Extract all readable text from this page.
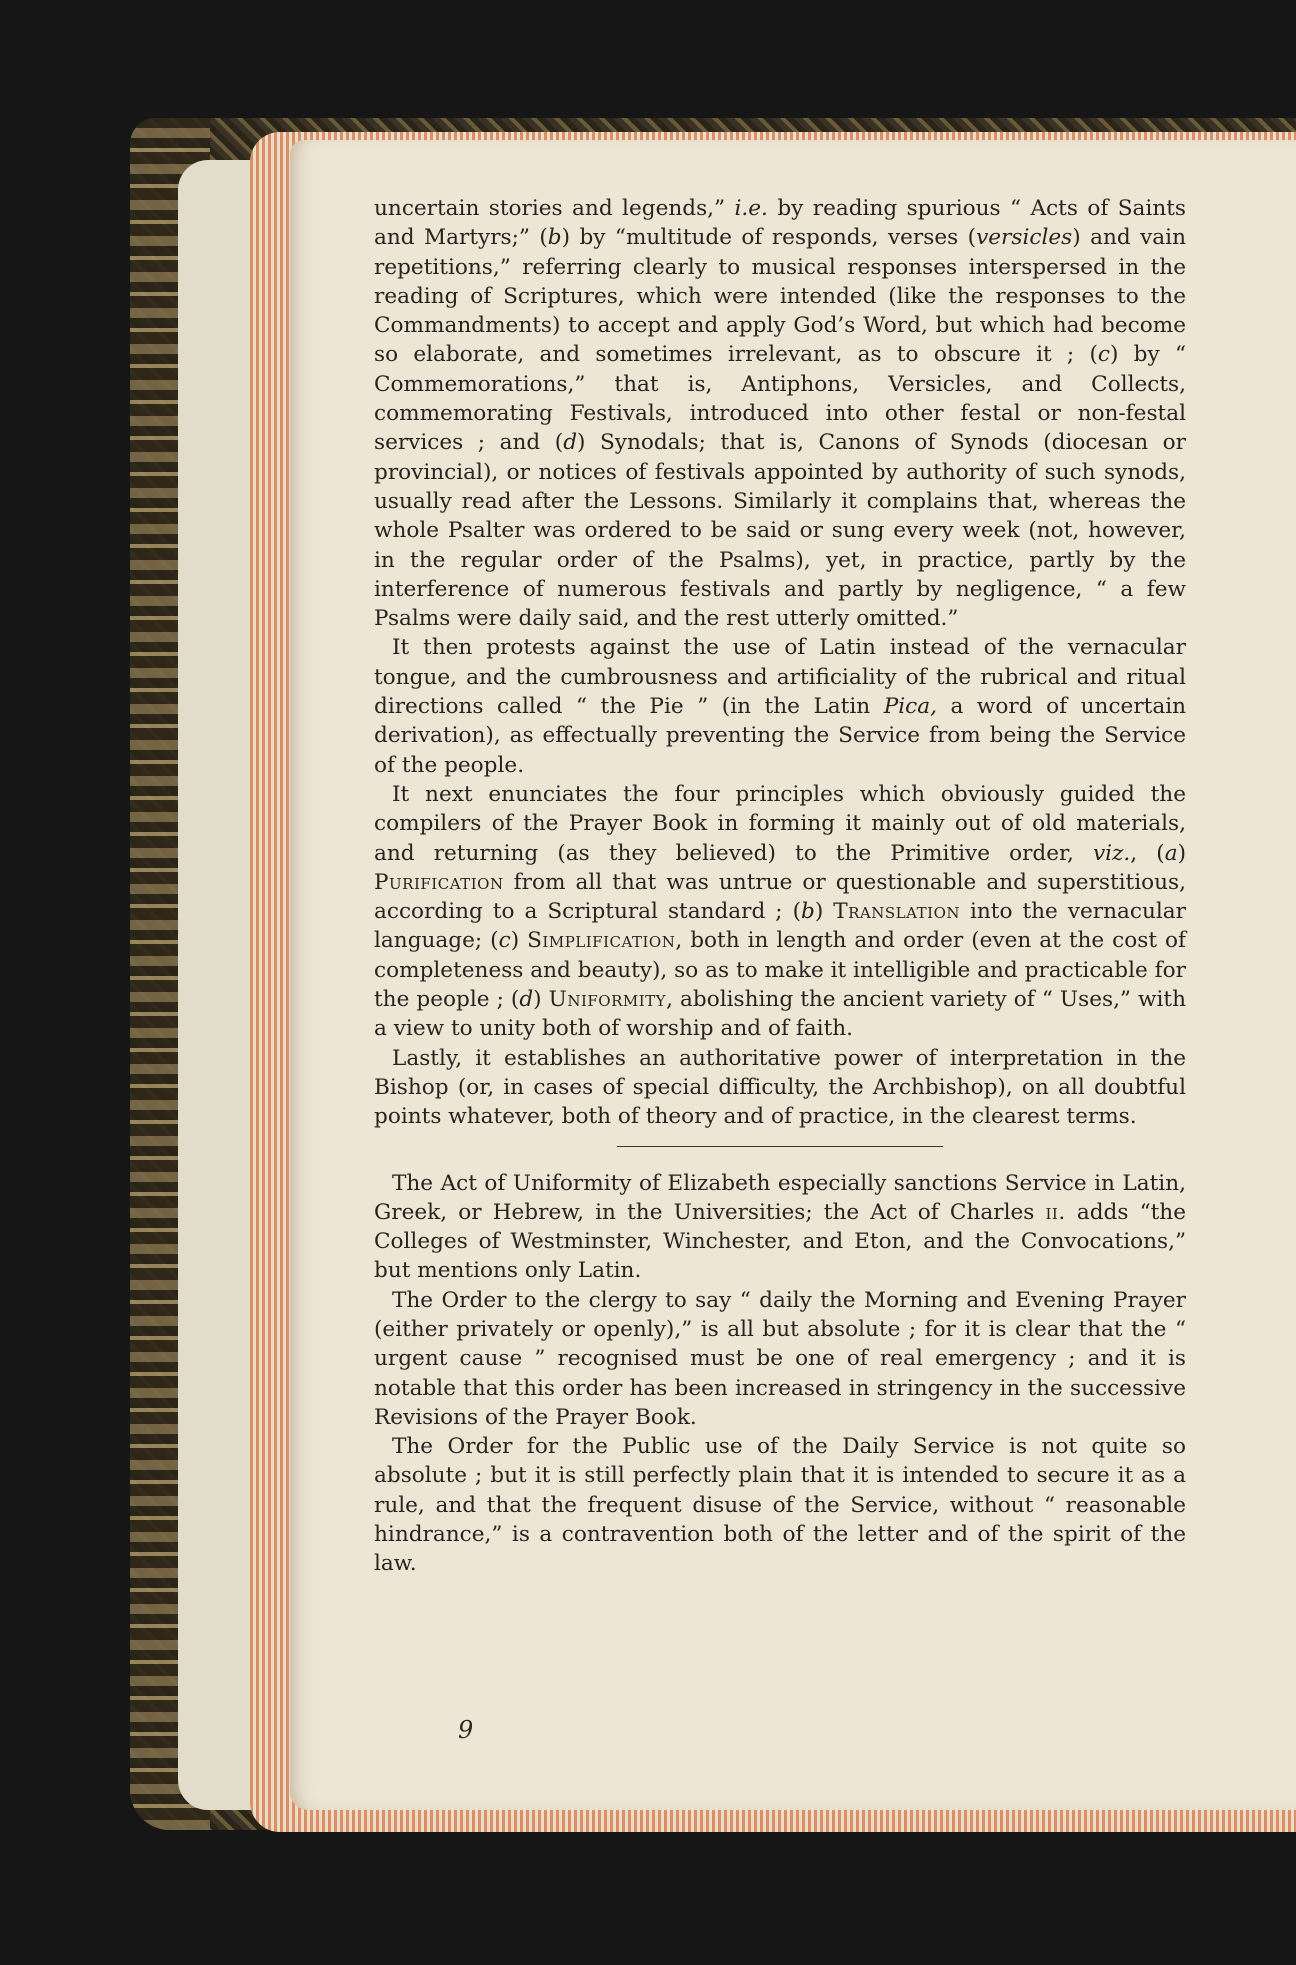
uncertain stories and legends,” i.e. by reading spurious “ Acts of Saints and Martyrs;” (b) by “multitude of responds, verses (versicles) and vain repetitions,” referring clearly to musical responses interspersed in the reading of Scriptures, which were intended (like the responses to the Commandments) to accept and apply God’s Word, but which had become so elaborate, and sometimes irrelevant, as to obscure it ; (c) by “ Commemorations,” that is, Antiphons, Versicles, and Collects, commemorating Festivals, introduced into other festal or non-festal services ; and (d) Synodals; that is, Canons of Synods (diocesan or provincial), or notices of festivals appointed by authority of such synods, usually read after the Lessons. Similarly it complains that, whereas the whole Psalter was ordered to be said or sung every week (not, however, in the regular order of the Psalms), yet, in practice, partly by the interference of numerous festivals and partly by negligence, “ a few Psalms were daily said, and the rest utterly omitted.”

It then protests against the use of Latin instead of the vernacular tongue, and the cumbrousness and artificiality of the rubrical and ritual directions called “ the Pie ” (in the Latin Pica, a word of uncertain derivation), as effectually preventing the Service from being the Service of the people.

It next enunciates the four principles which obviously guided the compilers of the Prayer Book in forming it mainly out of old materials, and returning (as they believed) to the Primitive order, viz., (a) Purification from all that was untrue or questionable and superstitious, according to a Scriptural standard ; (b) Translation into the vernacular language; (c) Simplification, both in length and order (even at the cost of completeness and beauty), so as to make it intelligible and practicable for the people ; (d) Uniformity, abolishing the ancient variety of “ Uses,” with a view to unity both of worship and of faith.

Lastly, it establishes an authoritative power of interpretation in the Bishop (or, in cases of special difficulty, the Archbishop), on all doubtful points whatever, both of theory and of practice, in the clearest terms.

The Act of Uniformity of Elizabeth especially sanctions Service in Latin, Greek, or Hebrew, in the Universities; the Act of Charles ii. adds “the Colleges of Westminster, Winchester, and Eton, and the Convocations,” but mentions only Latin.

The Order to the clergy to say “ daily the Morning and Evening Prayer (either privately or openly),” is all but absolute ; for it is clear that the “ urgent cause ” recognised must be one of real emergency ; and it is notable that this order has been increased in stringency in the successive Revisions of the Prayer Book.

The Order for the Public use of the Daily Service is not quite so absolute ; but it is still perfectly plain that it is intended to secure it as a rule, and that the frequent disuse of the Service, without “ reasonable hindrance,” is a contravention both of the letter and of the spirit of the law.

9
